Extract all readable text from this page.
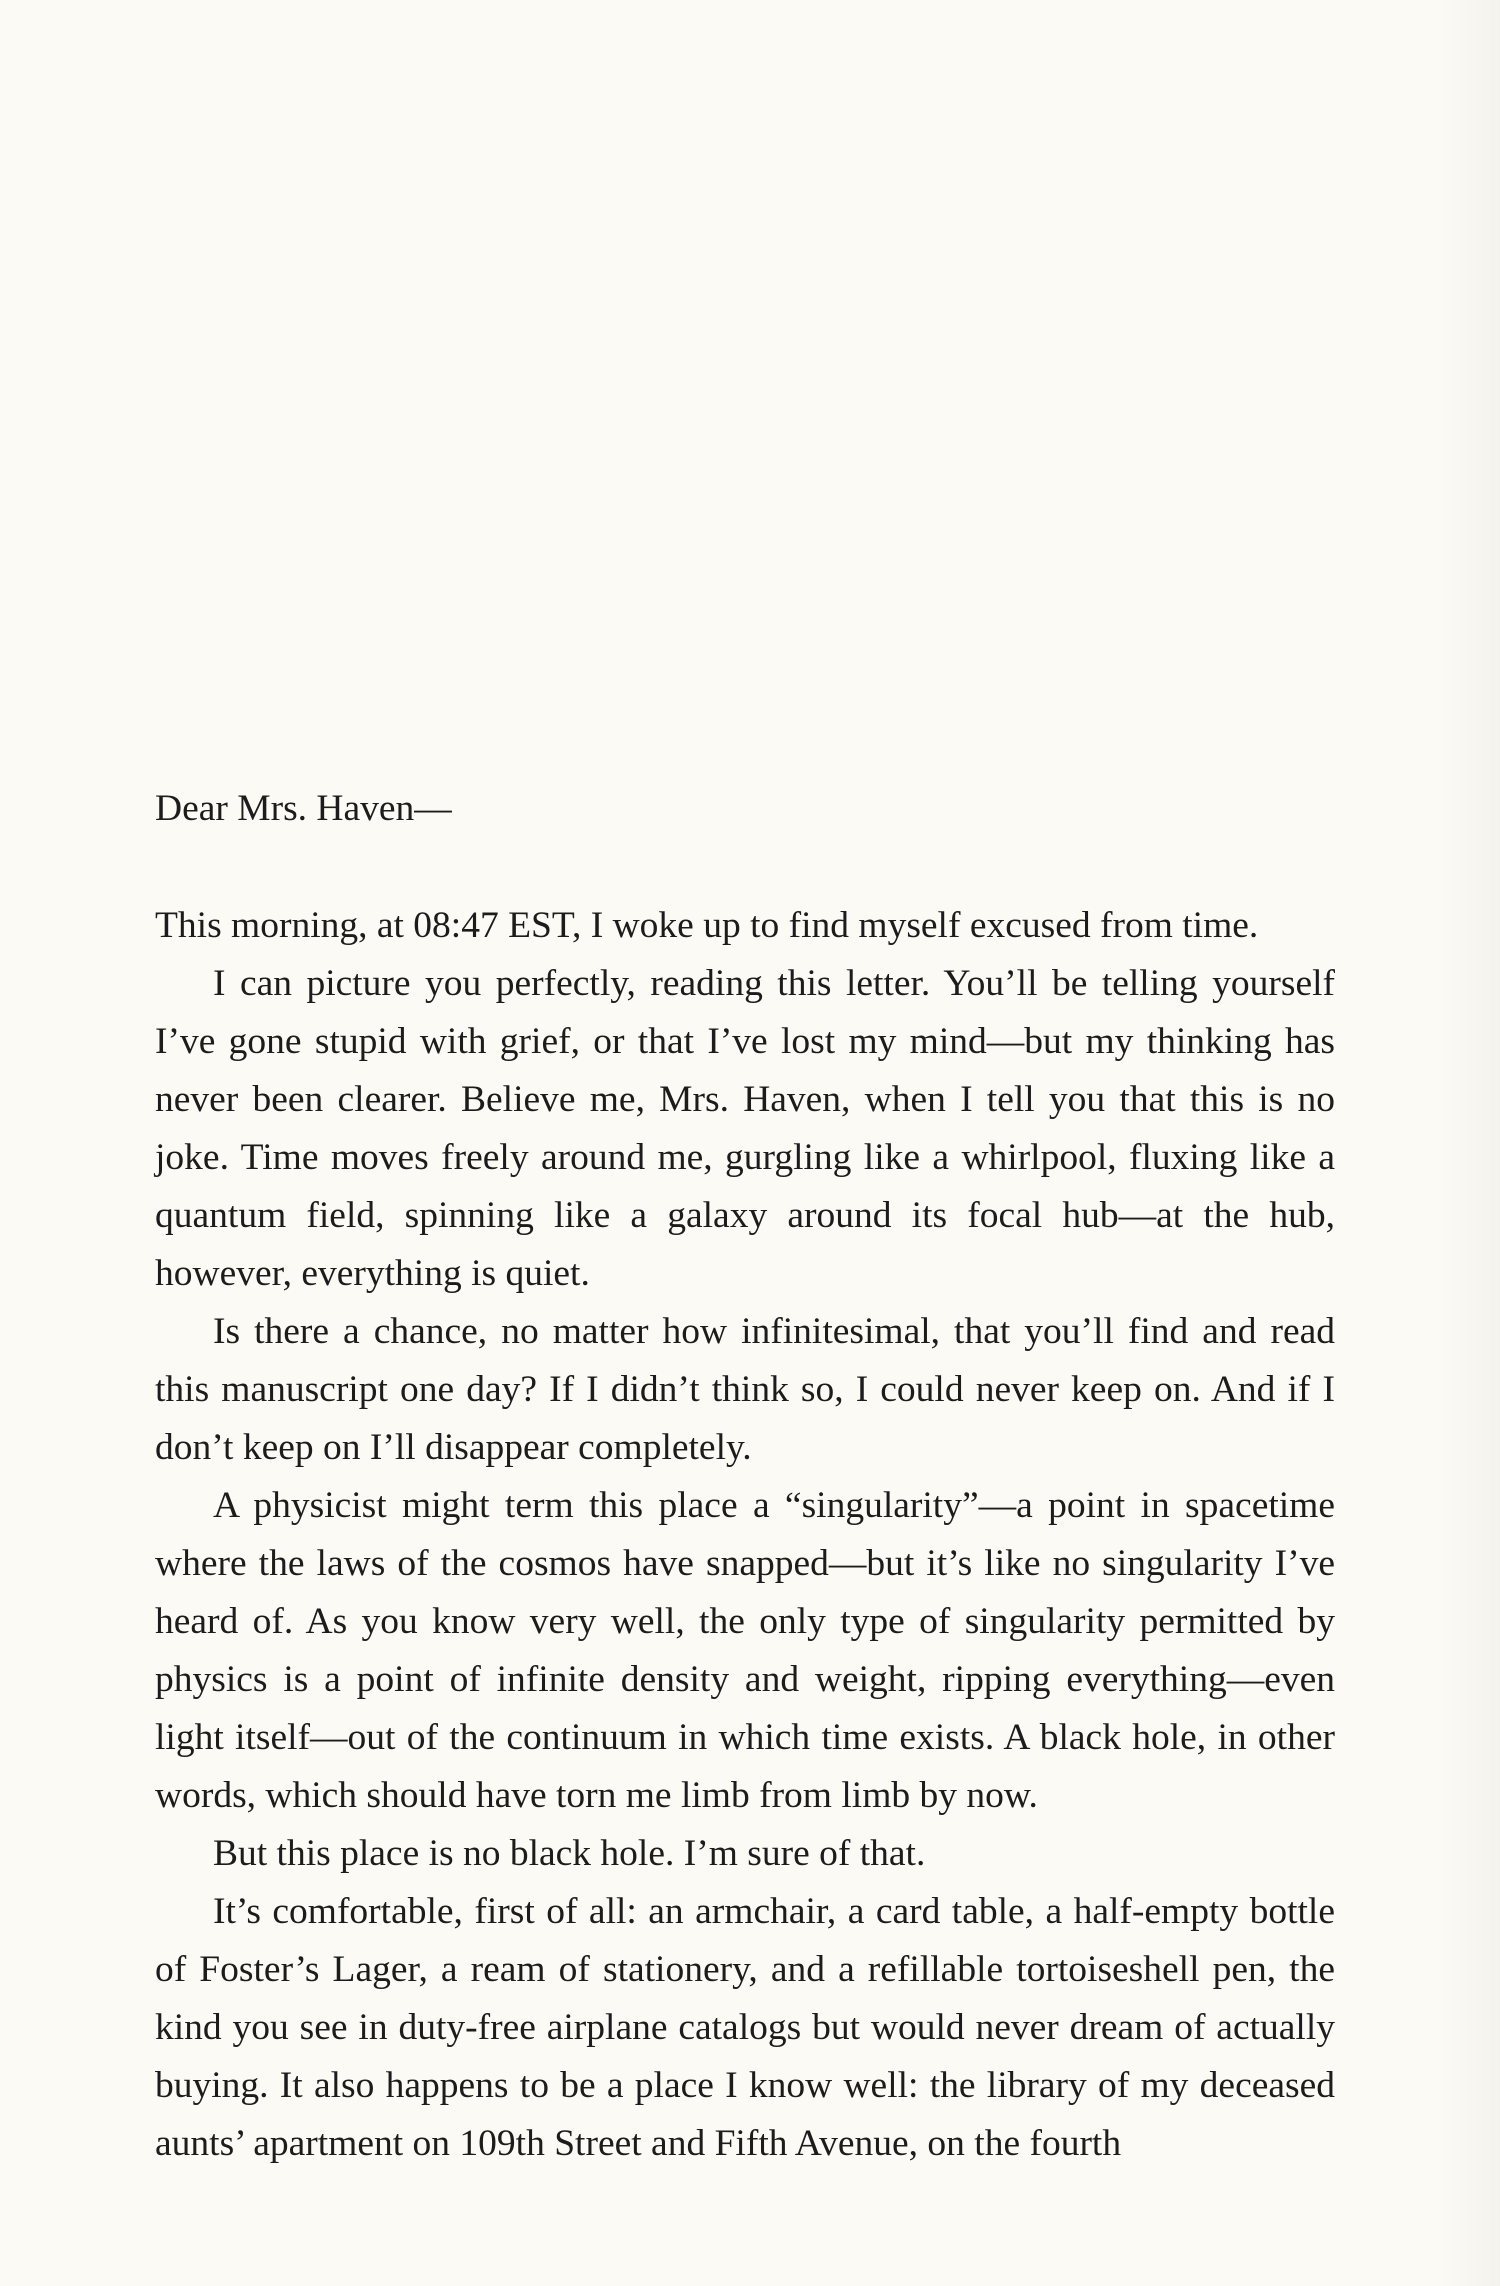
Dear Mrs. Haven—

This morning, at 08:47 EST, I woke up to find myself excused from time.

I can picture you perfectly, reading this letter. You’ll be telling yourself I’ve gone stupid with grief, or that I’ve lost my mind—but my thinking has never been clearer. Believe me, Mrs. Haven, when I tell you that this is no joke. Time moves freely around me, gurgling like a whirlpool, fluxing like a quantum field, spinning like a galaxy around its focal hub—at the hub, however, everything is quiet.

Is there a chance, no matter how infinitesimal, that you’ll find and read this manuscript one day? If I didn’t think so, I could never keep on. And if I don’t keep on I’ll disappear completely.

A physicist might term this place a “singularity”—a point in spacetime where the laws of the cosmos have snapped—but it’s like no singularity I’ve heard of. As you know very well, the only type of singularity permitted by physics is a point of infinite density and weight, ripping everything—even light itself—out of the continuum in which time exists. A black hole, in other words, which should have torn me limb from limb by now.

But this place is no black hole. I’m sure of that.

It’s comfortable, first of all: an armchair, a card table, a half-empty bottle of Foster’s Lager, a ream of stationery, and a refillable tortoiseshell pen, the kind you see in duty-free airplane catalogs but would never dream of actually buying. It also happens to be a place I know well: the library of my deceased aunts’ apartment on 109th Street and Fifth Avenue, on the fourth
